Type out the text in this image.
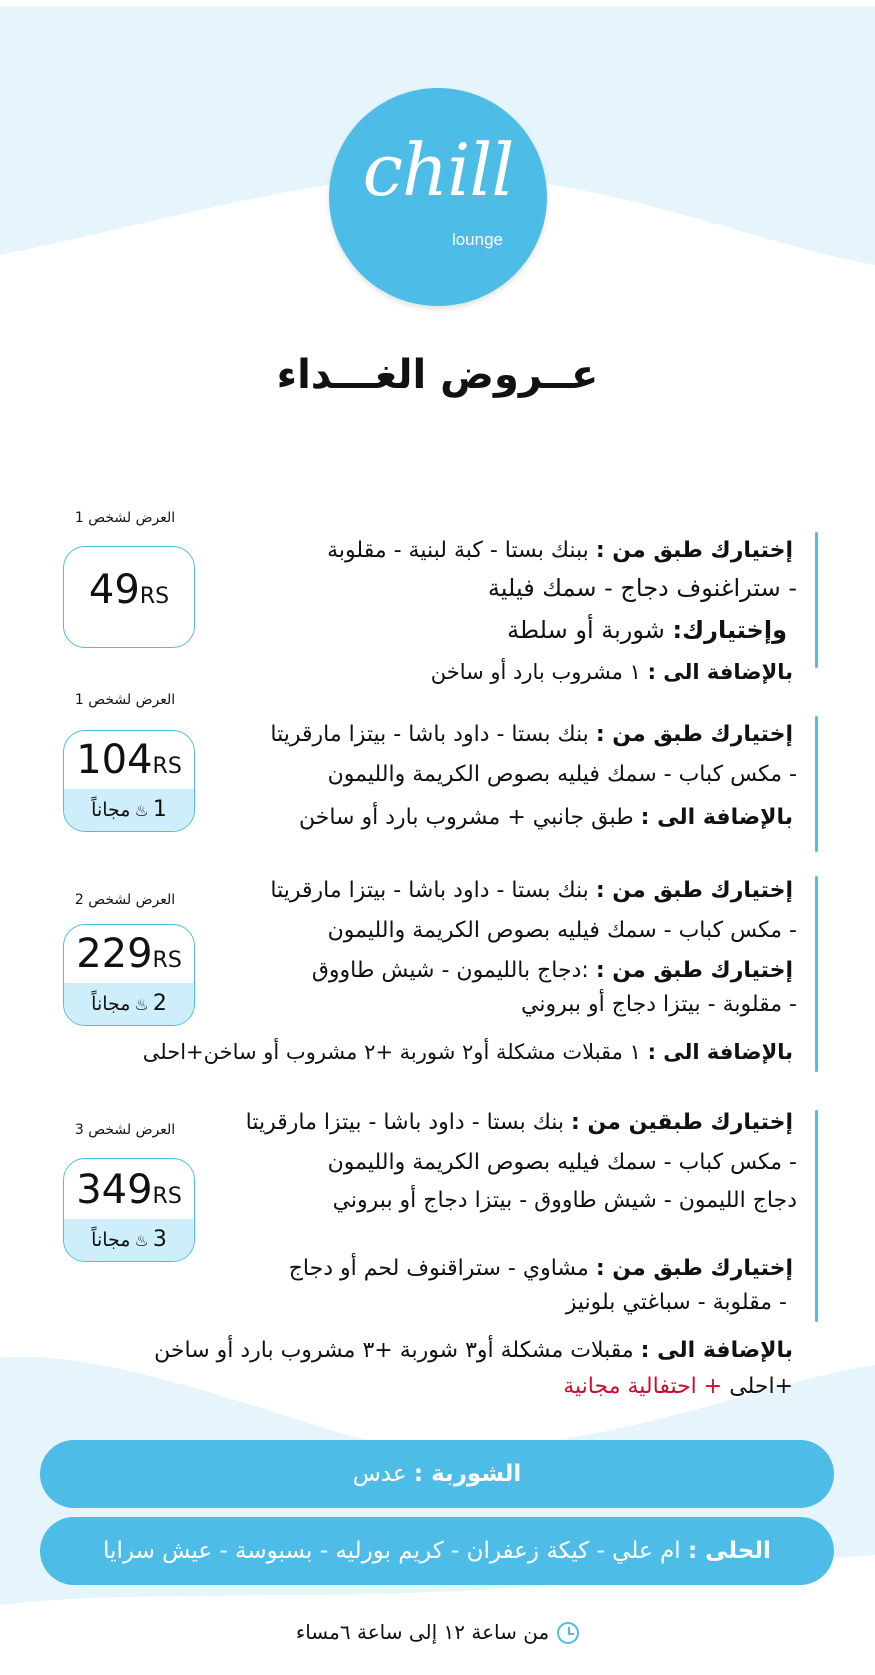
chill
lounge
عــروض الغـــداء
العرض لشخص 1
49RS
إختيارك طبق من : ببنك بستا - كبة لبنية - مقلوبة
- ستراغنوف دجاج - سمك فيلية
وإختيارك: شوربة أو سلطة
بالإضافة الى : ١ مشروب بارد أو ساخن
العرض لشخص 1
104RS
1♨مجاناً
إختيارك طبق من : بنك بستا - داود باشا - بيتزا مارقريتا
- مكس كباب - سمك فيليه بصوص الكريمة والليمون
بالإضافة الى : طبق جانبي + مشروب بارد أو ساخن
العرض لشخص 2
229RS
2♨مجاناً
إختيارك طبق من : بنك بستا - داود باشا - بيتزا مارقريتا
- مكس كباب - سمك فيليه بصوص الكريمة والليمون
إختيارك طبق من : :دجاج بالليمون - شيش طاووق
- مقلوبة - بيتزا دجاج أو ببروني
بالإضافة الى : ١ مقبلات مشكلة أو٢ شوربة +٢ مشروب أو ساخن+احلى
العرض لشخص 3
349RS
3♨مجاناً
إختيارك طبقين من : بنك بستا - داود باشا - بيتزا مارقريتا
- مكس كباب - سمك فيليه بصوص الكريمة والليمون
دجاج الليمون - شيش طاووق - بيتزا دجاج أو ببروني
إختيارك طبق من : مشاوي - ستراقنوف لحم أو دجاج
- مقلوبة - سباغتي بلونيز
بالإضافة الى : مقبلات مشكلة أو٣ شوربة +٣ مشروب بارد أو ساخن
+احلى + احتفالية مجانية
الشوربة : عدس
الحلى : ام علي - كيكة زعفران - كريم بورليه - بسبوسة - عيش سرايا
من ساعة ١٢ إلى ساعة ٦مساء
